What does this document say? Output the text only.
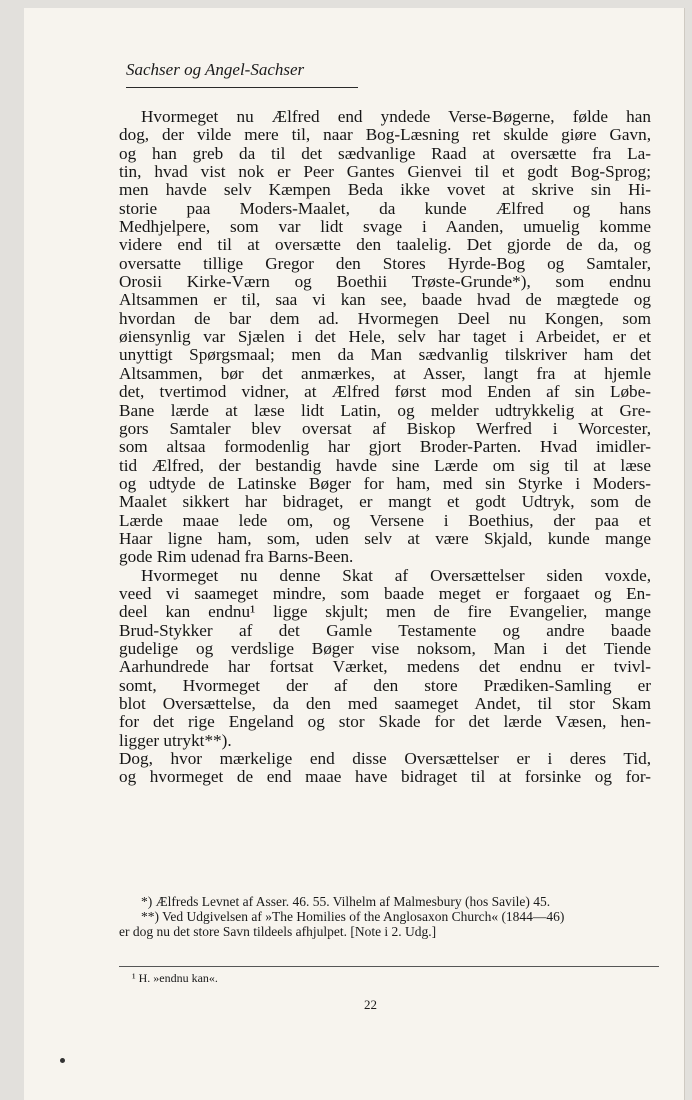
Sachser og Angel-Sachser
Hvormeget nu Ælfred end yndede Verse-Bøgerne, følde han
dog, der vilde mere til, naar Bog-Læsning ret skulde giøre Gavn,
og han greb da til det sædvanlige Raad at oversætte fra La-
tin, hvad vist nok er Peer Gantes Gienvei til et godt Bog-Sprog;
men havde selv Kæmpen Beda ikke vovet at skrive sin Hi-
storie paa Moders-Maalet, da kunde Ælfred og hans
Medhjelpere, som var lidt svage i Aanden, umuelig komme
videre end til at oversætte den taalelig. Det gjorde de da, og
oversatte tillige Gregor den Stores Hyrde-Bog og Samtaler,
Orosii Kirke-Værn og Boethii Trøste-Grunde*), som endnu
Altsammen er til, saa vi kan see, baade hvad de mægtede og
hvordan de bar dem ad. Hvormegen Deel nu Kongen, som
øiensynlig var Sjælen i det Hele, selv har taget i Arbeidet, er et
unyttigt Spørgsmaal; men da Man sædvanlig tilskriver ham det
Altsammen, bør det anmærkes, at Asser, langt fra at hjemle
det, tvertimod vidner, at Ælfred først mod Enden af sin Løbe-
Bane lærde at læse lidt Latin, og melder udtrykkelig at Gre-
gors Samtaler blev oversat af Biskop Werfred i Worcester,
som altsaa formodenlig har gjort Broder-Parten. Hvad imidler-
tid Ælfred, der bestandig havde sine Lærde om sig til at læse
og udtyde de Latinske Bøger for ham, med sin Styrke i Moders-
Maalet sikkert har bidraget, er mangt et godt Udtryk, som de
Lærde maae lede om, og Versene i Boethius, der paa et
Haar ligne ham, som, uden selv at være Skjald, kunde mange
gode Rim udenad fra Barns-Been.
Hvormeget nu denne Skat af Oversættelser siden voxde,
veed vi saameget mindre, som baade meget er forgaaet og En-
deel kan endnu¹ ligge skjult; men de fire Evangelier, mange
Brud-Stykker af det Gamle Testamente og andre baade
gudelige og verdslige Bøger vise noksom, Man i det Tiende
Aarhundrede har fortsat Værket, medens det endnu er tvivl-
somt, Hvormeget der af den store Prædiken-Samling er
blot Oversættelse, da den med saameget Andet, til stor Skam
for det rige Engeland og stor Skade for det lærde Væsen, hen-
ligger utrykt**).
Dog, hvor mærkelige end disse Oversættelser er i deres Tid,
og hvormeget de end maae have bidraget til at forsinke og for-
*) Ælfreds Levnet af Asser. 46. 55. Vilhelm af Malmesbury (hos Savile) 45.
**) Ved Udgivelsen af »The Homilies of the Anglosaxon Church« (1844—46)
er dog nu det store Savn tildeels afhjulpet. [Note i 2. Udg.]
¹ H. »endnu kan«.
22
